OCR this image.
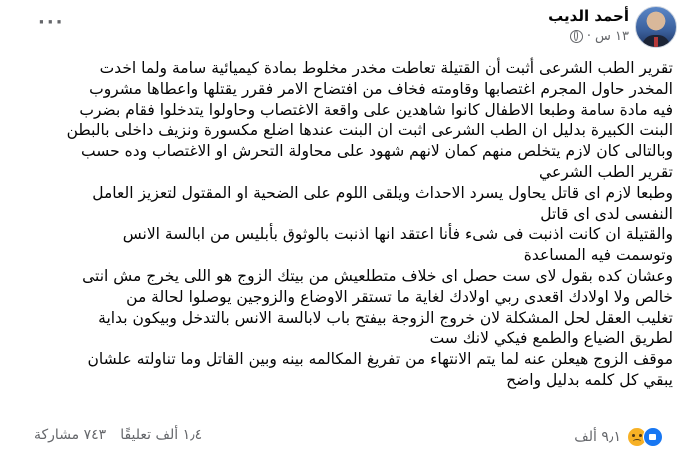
أحمد الديب
١٣ س
·
···

تقرير الطب الشرعى أثبت أن القتيلة تعاطت مخدر مخلوط بمادة كيميائية سامة ولما اخدت

المخدر حاول المجرم اغتصابها وقاومته فخاف من افتضاح الامر فقرر يقتلها واعطاها مشروب

فيه مادة سامة وطبعا الاطفال كانوا شاهدين على واقعة الاغتصاب وحاولوا يتدخلوا فقام بضرب

البنت الكبيرة بدليل ان الطب الشرعى اثبت ان البنت عندها اضلع مكسورة ونزيف داخلى بالبطن

وبالتالى كان لازم يتخلص منهم كمان لانهم شهود على محاولة التحرش او الاغتصاب وده حسب

تقرير الطب الشرعي

وطبعا لازم اى قاتل يحاول يسرد الاحداث ويلقى اللوم على الضحية او المقتول لتعزيز العامل

النفسى لدى اى قاتل

والقتيلة ان كانت اذنبت فى شىء فأنا اعتقد انها اذنبت بالوثوق بأبليس من ابالسة الانس

وتوسمت فيه المساعدة

وعشان كده بقول لاى ست حصل اى خلاف متطلعيش من بيتك الزوج هو اللى يخرج مش انتى

خالص ولا اولادك اقعدى ربي اولادك لغاية ما تستقر الاوضاع والزوجين يوصلوا لحالة من

تغليب العقل لحل المشكلة لان خروج الزوجة بيفتح باب لابالسة الانس بالتدخل وبيكون بداية

لطريق الضياع والطمع فيكي لانك ست

موقف الزوج هيعلن عنه لما يتم الانتهاء من تفريغ المكالمه بينه وبين القاتل وما تناولته علشان

يبقي كل كلمه بدليل واضح

٩٫١ ألف
١٫٤ ألف تعليقًا
٧٤٣ مشاركة
